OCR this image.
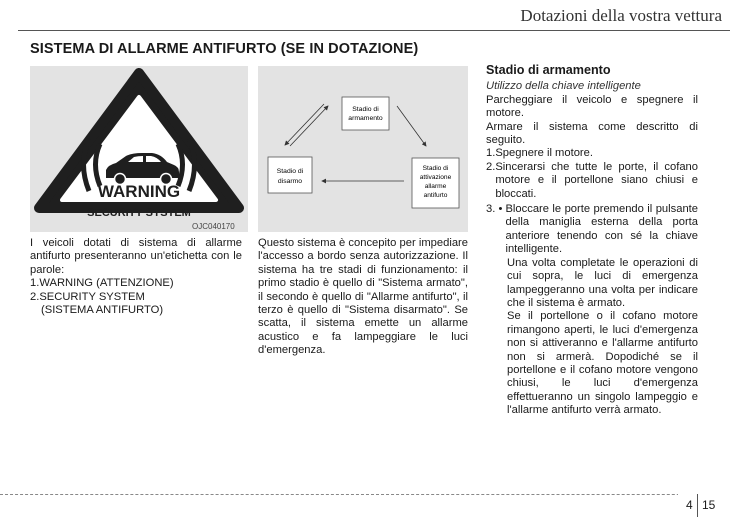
Dotazioni della vostra vettura
SISTEMA DI ALLARME ANTIFURTO (SE IN DOTAZIONE)
WARNING
SECURITY SYSTEM
OJC040170
Stadio di
armamento
Stadio di
disarmo
Stadio di
attivazione
allarme
antifurto
I veicoli dotati di sistema di allarme antifurto presenteranno un'etichetta con le parole:
1. WARNING (ATTENZIONE)
2. SECURITY SYSTEM
(SISTEMA ANTIFURTO)
Questo sistema è concepito per impediare l'accesso a bordo senza autorizzazione. Il sistema ha tre stadi di funzionamento: il primo stadio è quello di "Sistema armato", il secondo è quello di "Allarme antifurto", il terzo è quello di "Sistema disarmato". Se scatta, il sistema emette un allarme acustico e fa lampeggiare le luci d'emergenza.
Stadio di armamento
Utilizzo della chiave intelligente
Parcheggiare il veicolo e spegnere il motore.
Armare il sistema come descritto di seguito.
1. Spegnere il motore.
2. Sincerarsi che tutte le porte, il cofano motore e il portellone siano chiusi e bloccati.
3. • Bloccare le porte premendo il pulsante della maniglia esterna della porta anteriore tenendo con sé la chiave intelligente.
Una volta completate le operazioni di cui sopra, le luci di emergenza lampeggeranno una volta per indicare che il sistema è armato.
Se il portellone o il cofano motore rimangono aperti, le luci d'emergenza non si attiveranno e l'allarme antifurto non si armerà. Dopodiché se il portellone e il cofano motore vengono chiusi, le luci d'emergenza effettueranno un singolo lampeggio e l'allarme antifurto verrà armato.
4 15
